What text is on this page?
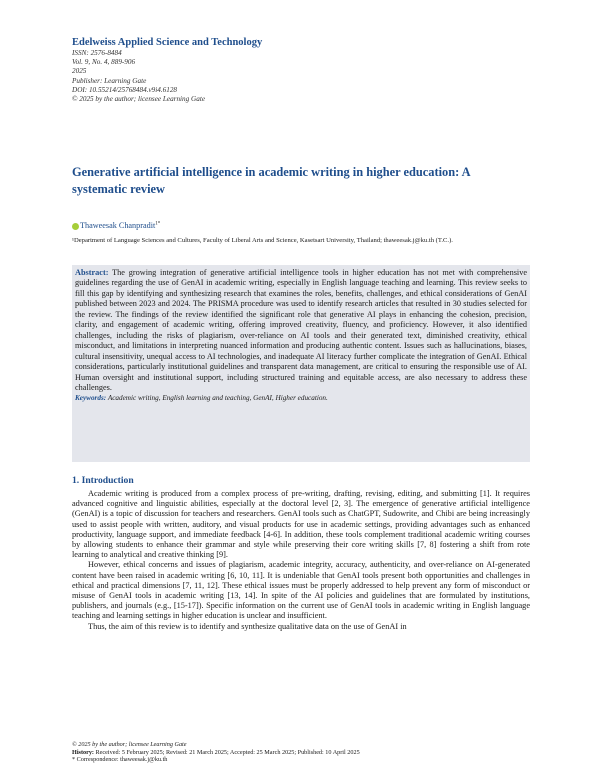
Edelweiss Applied Science and Technology
ISSN: 2576-8484
Vol. 9, No. 4, 889-906
2025
Publisher: Learning Gate
DOI: 10.55214/25768484.v9i4.6128
© 2025 by the author; licensee Learning Gate
Generative artificial intelligence in academic writing in higher education: A systematic review
Thaweesak Chanpradit$^{1*}$
¹Department of Language Sciences and Cultures, Faculty of Liberal Arts and Science, Kasetsart University, Thailand; thaweesak.j@ku.th (T.C.).

Abstract: The growing integration of generative artificial intelligence tools in higher education has not met with comprehensive guidelines regarding the use of GenAI in academic writing, especially in English language teaching and learning. This review seeks to fill this gap by identifying and synthesizing research that examines the roles, benefits, challenges, and ethical considerations of GenAI published between 2023 and 2024. The PRISMA procedure was used to identify research articles that resulted in 30 studies selected for the review. The findings of the review identified the significant role that generative AI plays in enhancing the cohesion, precision, clarity, and engagement of academic writing, offering improved creativity, fluency, and proficiency. However, it also identified challenges, including the risks of plagiarism, over-reliance on AI tools and their generated text, diminished creativity, ethical misconduct, and limitations in interpreting nuanced information and producing authentic content. Issues such as hallucinations, biases, cultural insensitivity, unequal access to AI technologies, and inadequate AI literacy further complicate the integration of GenAI. Ethical considerations, particularly institutional guidelines and transparent data management, are critical to ensuring the responsible use of AI. Human oversight and institutional support, including structured training and equitable access, are also necessary to address these challenges.

Keywords: Academic writing, English learning and teaching, GenAI, Higher education.

1. Introduction

Academic writing is produced from a complex process of pre-writing, drafting, revising, editing, and submitting [1]. It requires advanced cognitive and linguistic abilities, especially at the doctoral level [2, 3]. The emergence of generative artificial intelligence (GenAI) is a topic of discussion for teachers and researchers. GenAI tools such as ChatGPT, Sudowrite, and Chibi are being increasingly used to assist people with written, auditory, and visual products for use in academic settings, providing advantages such as enhanced productivity, language support, and immediate feedback [4-6]. In addition, these tools complement traditional academic writing courses by allowing students to enhance their grammar and style while preserving their core writing skills [7, 8] fostering a shift from rote learning to analytical and creative thinking [9].

However, ethical concerns and issues of plagiarism, academic integrity, accuracy, authenticity, and over-reliance on AI-generated content have been raised in academic writing [6, 10, 11]. It is undeniable that GenAI tools present both opportunities and challenges in ethical and practical dimensions [7, 11, 12]. These ethical issues must be properly addressed to help prevent any form of misconduct or misuse of GenAI tools in academic writing [13, 14]. In spite of the AI policies and guidelines that are formulated by institutions, publishers, and journals (e.g., [15-17]). Specific information on the current use of GenAI tools in academic writing in English language teaching and learning settings in higher education is unclear and insufficient.

Thus, the aim of this review is to identify and synthesize qualitative data on the use of GenAI in

© 2025 by the author; licensee Learning Gate
History: Received: 5 February 2025; Revised: 21 March 2025; Accepted: 25 March 2025; Published: 10 April 2025
* Correspondence: thaweesak.j@ku.th
